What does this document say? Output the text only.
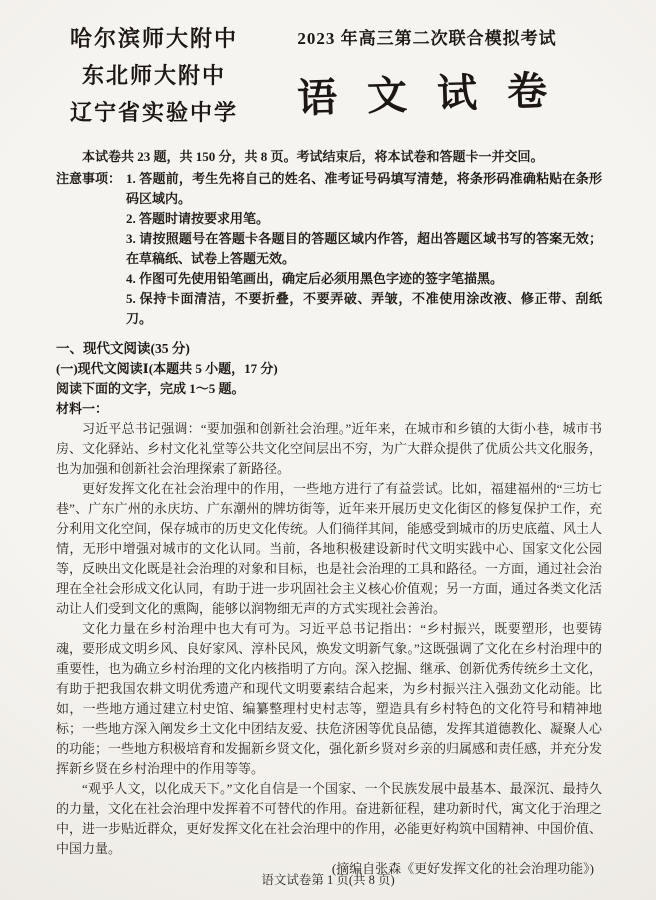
哈尔滨师大附中
东北师大附中
辽宁省实验中学
2023 年高三第二次联合模拟考试
语 文 试 卷

本试卷共 23 题，共 150 分，共 8 页。考试结束后，将本试卷和答题卡一并交回。

注意事项： 1. 答题前，考生先将自己的姓名、准考证号码填写清楚，将条形码准确粘贴在条形码区域内。

2. 答题时请按要求用笔。

3. 请按照题号在答题卡各题目的答题区域内作答，超出答题区域书写的答案无效；在草稿纸、试卷上答题无效。

4. 作图可先使用铅笔画出，确定后必须用黑色字迹的签字笔描黑。

5. 保持卡面清洁，不要折叠，不要弄破、弄皱，不准使用涂改液、修正带、刮纸刀。

一、现代文阅读(35 分)
(一)现代文阅读Ⅰ(本题共 5 小题，17 分)

阅读下面的文字，完成 1～5 题。

材料一：

习近平总书记强调：“要加强和创新社会治理。”近年来，在城市和乡镇的大街小巷，城市书房、文化驿站、乡村文化礼堂等公共文化空间层出不穷，为广大群众提供了优质公共文化服务，也为加强和创新社会治理探索了新路径。

更好发挥文化在社会治理中的作用，一些地方进行了有益尝试。比如，福建福州的“三坊七巷”、广东广州的永庆坊、广东潮州的牌坊街等，近年来开展历史文化街区的修复保护工作，充分利用文化空间，保存城市的历史文化传统。人们徜徉其间，能感受到城市的历史底蕴、风土人情，无形中增强对城市的文化认同。当前，各地积极建设新时代文明实践中心、国家文化公园等，反映出文化既是社会治理的对象和目标，也是社会治理的工具和路径。一方面，通过社会治理在全社会形成文化认同，有助于进一步巩固社会主义核心价值观；另一方面，通过各类文化活动让人们受到文化的熏陶，能够以润物细无声的方式实现社会善治。

文化力量在乡村治理中也大有可为。习近平总书记指出：“乡村振兴，既要塑形，也要铸魂，要形成文明乡风、良好家风、淳朴民风，焕发文明新气象。”这既强调了文化在乡村治理中的重要性，也为确立乡村治理的文化内核指明了方向。深入挖掘、继承、创新优秀传统乡土文化，有助于把我国农耕文明优秀遗产和现代文明要素结合起来，为乡村振兴注入强劲文化动能。比如，一些地方通过建立村史馆、编纂整理村史村志等，塑造具有乡村特色的文化符号和精神地标；一些地方深入阐发乡土文化中团结友爱、扶危济困等优良品德，发挥其道德教化、凝聚人心的功能；一些地方积极培育和发掘新乡贤文化，强化新乡贤对乡亲的归属感和责任感，并充分发挥新乡贤在乡村治理中的作用等等。

“观乎人文，以化成天下。”文化自信是一个国家、一个民族发展中最基本、最深沉、最持久的力量，文化在社会治理中发挥着不可替代的作用。奋进新征程，建功新时代，寓文化于治理之中，进一步贴近群众，更好发挥文化在社会治理中的作用，必能更好构筑中国精神、中国价值、中国力量。

(摘编自张森《更好发挥文化的社会治理功能》)

语文试卷第 1 页(共 8 页)
